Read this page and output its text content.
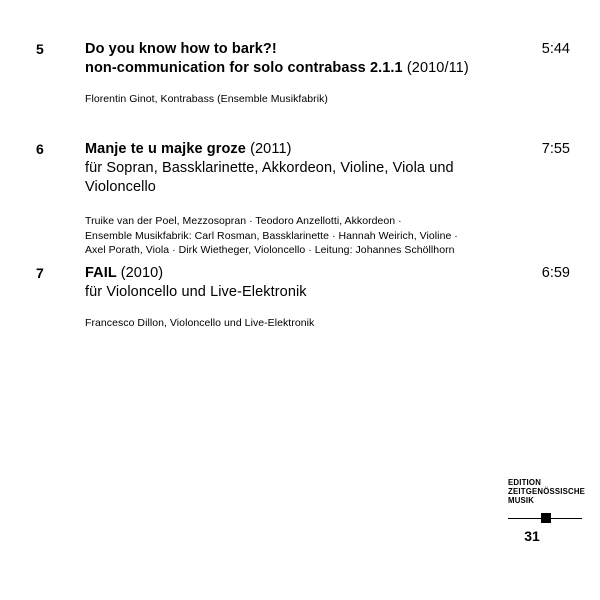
5	Do you know how to bark?!
non-communication for solo contrabass 2.1.1 (2010/11)
Florentin Ginot, Kontrabass (Ensemble Musikfabrik)
5:44
6	Manje te u majke groze (2011)
für Sopran, Bassklarinette, Akkordeon, Violine, Viola und Violoncello
Truike van der Poel, Mezzosopran · Teodoro Anzellotti, Akkordeon ·
Ensemble Musikfabrik: Carl Rosman, Bassklarinette · Hannah Weirich, Violine ·
Axel Porath, Viola · Dirk Wietheger, Violoncello · Leitung: Johannes Schöllhorn
7:55
7	FAIL (2010)
für Violoncello und Live-Elektronik
Francesco Dillon, Violoncello und Live-Elektronik
6:59
EDITION
ZEITGENÖSSISCHE
MUSIK
31
